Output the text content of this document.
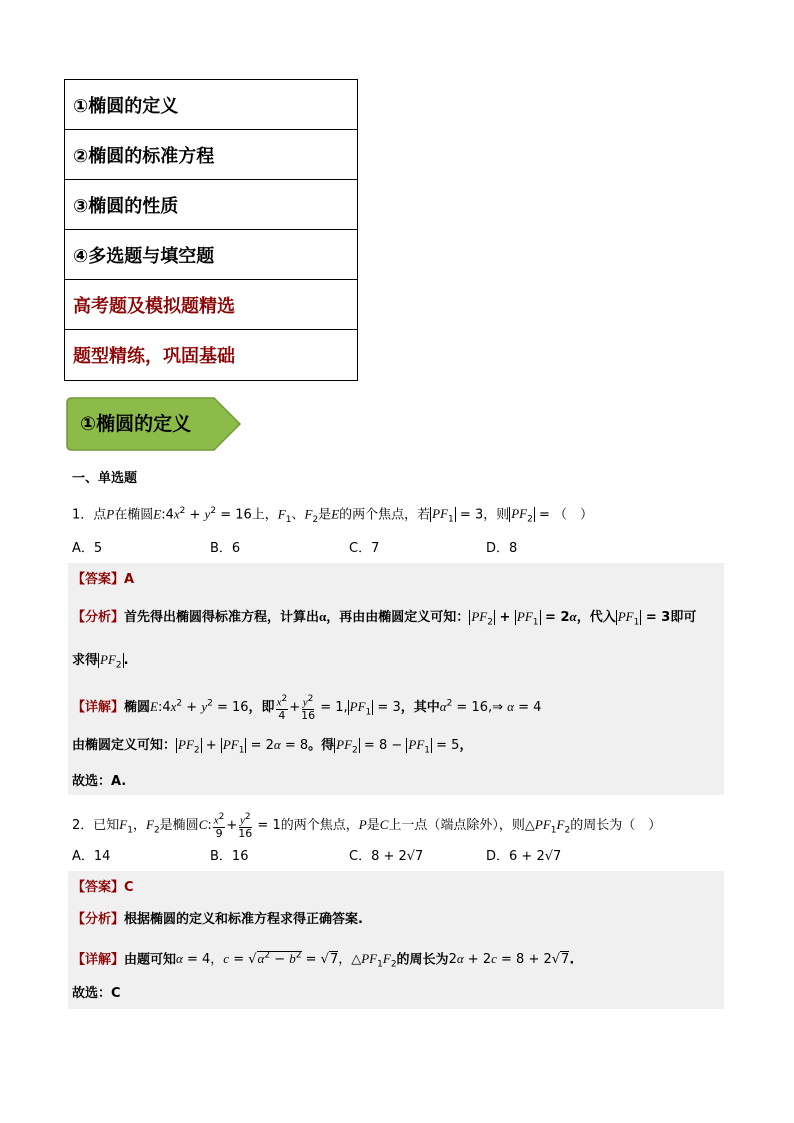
①椭圆的定义
②椭圆的标准方程
③椭圆的性质
④多选题与填空题
高考题及模拟题精选
题型精练，巩固基础
①椭圆的定义
一、单选题
1．点P在椭圆$E:4x^2 + y^2 = 16$上，$F_1$、$F_2$是E的两个焦点，若 $PF_1 = 3$，则 $PF_2$ = （　）
A．5	B．6	C．7	D．8
【答案】A
【分析】首先得出椭圆得标准方程，计算出α，再由由椭圆定义可知： $PF_2 + PF_1 = 2\alpha$，代入 $PF_1 = 3$即可
求得 $PF_2$ .
【详解】椭圆$E:4x^2 + y^2 = 16$，即 $\frac{x^2}{4} + \frac{y^2}{16} = 1$, $PF_1 = 3$，其中$\alpha^2$ = 16,⇒ α = 4
由椭圆定义可知： $PF_2 + PF_1 = 2\alpha = 8$。得 $PF_2 = 8 - PF_1 = 5$，
故选：A.
2．已知$F_1$，$F_2$是椭圆C: $\frac{x^2}{9} + \frac{y^2}{16} = 1$的两个焦点，P是C上一点（端点除外），则$\triangle PF_1F_2$的周长为（　）
A．14	B．16	C．8 + 2√7	D．6 + 2√7
【答案】C
【分析】根据椭圆的定义和标准方程求得正确答案.
【详解】由题可知α = 4，$c = √\alpha^2 - b^2 = √7$，$\triangle PF_1F_2$的周长为2α + 2c = 8 + 2√7.
故选：C
